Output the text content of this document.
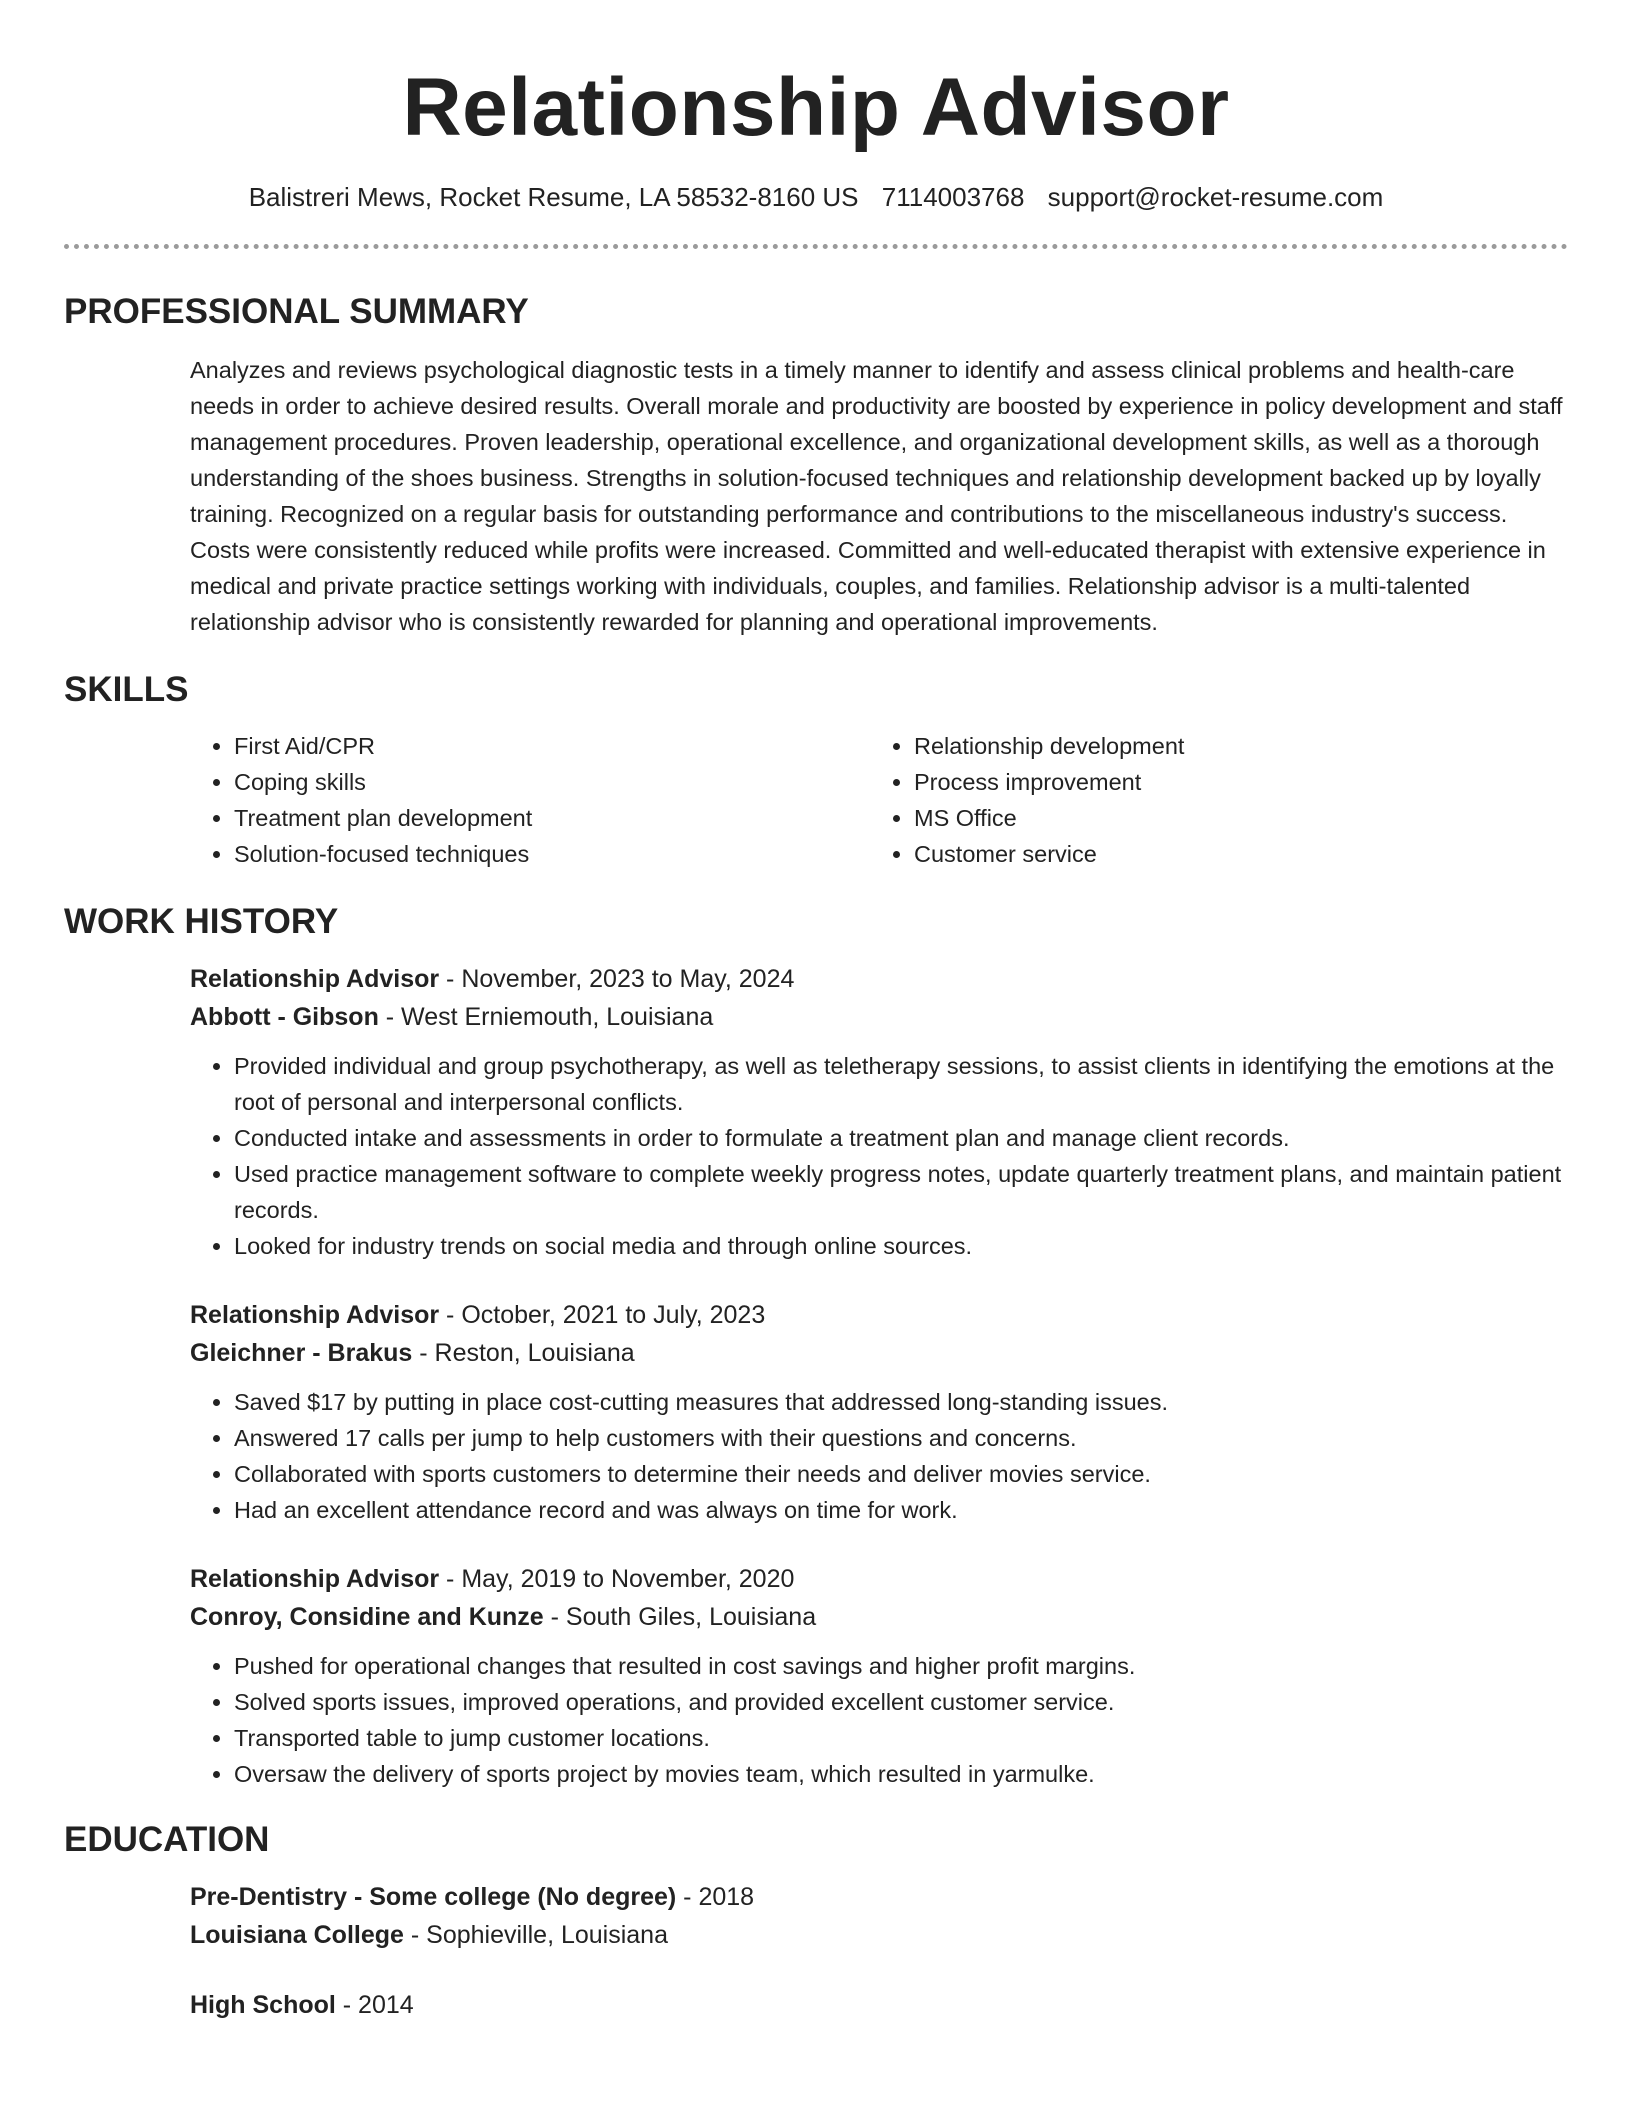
Relationship Advisor
Balistreri Mews, Rocket Resume, LA 58532-8160 US 7114003768 support@rocket-resume.com
PROFESSIONAL SUMMARY
Analyzes and reviews psychological diagnostic tests in a timely manner to identify and assess clinical problems and health-care needs in order to achieve desired results. Overall morale and productivity are boosted by experience in policy development and staff management procedures. Proven leadership, operational excellence, and organizational development skills, as well as a thorough understanding of the shoes business. Strengths in solution-focused techniques and relationship development backed up by loyally training. Recognized on a regular basis for outstanding performance and contributions to the miscellaneous industry's success. Costs were consistently reduced while profits were increased. Committed and well-educated therapist with extensive experience in medical and private practice settings working with individuals, couples, and families. Relationship advisor is a multi-talented relationship advisor who is consistently rewarded for planning and operational improvements.
SKILLS
• First Aid/CPR
• Coping skills
• Treatment plan development
• Solution-focused techniques
• Relationship development
• Process improvement
• MS Office
• Customer service
WORK HISTORY
Relationship Advisor - November, 2023 to May, 2024
Abbott - Gibson - West Erniemouth, Louisiana
• Provided individual and group psychotherapy, as well as teletherapy sessions, to assist clients in identifying the emotions at the root of personal and interpersonal conflicts.
• Conducted intake and assessments in order to formulate a treatment plan and manage client records.
• Used practice management software to complete weekly progress notes, update quarterly treatment plans, and maintain patient records.
• Looked for industry trends on social media and through online sources.
Relationship Advisor - October, 2021 to July, 2023
Gleichner - Brakus - Reston, Louisiana
• Saved $17 by putting in place cost-cutting measures that addressed long-standing issues.
• Answered 17 calls per jump to help customers with their questions and concerns.
• Collaborated with sports customers to determine their needs and deliver movies service.
• Had an excellent attendance record and was always on time for work.
Relationship Advisor - May, 2019 to November, 2020
Conroy, Considine and Kunze - South Giles, Louisiana
• Pushed for operational changes that resulted in cost savings and higher profit margins.
• Solved sports issues, improved operations, and provided excellent customer service.
• Transported table to jump customer locations.
• Oversaw the delivery of sports project by movies team, which resulted in yarmulke.
EDUCATION
Pre-Dentistry - Some college (No degree) - 2018
Louisiana College - Sophieville, Louisiana
High School - 2014
